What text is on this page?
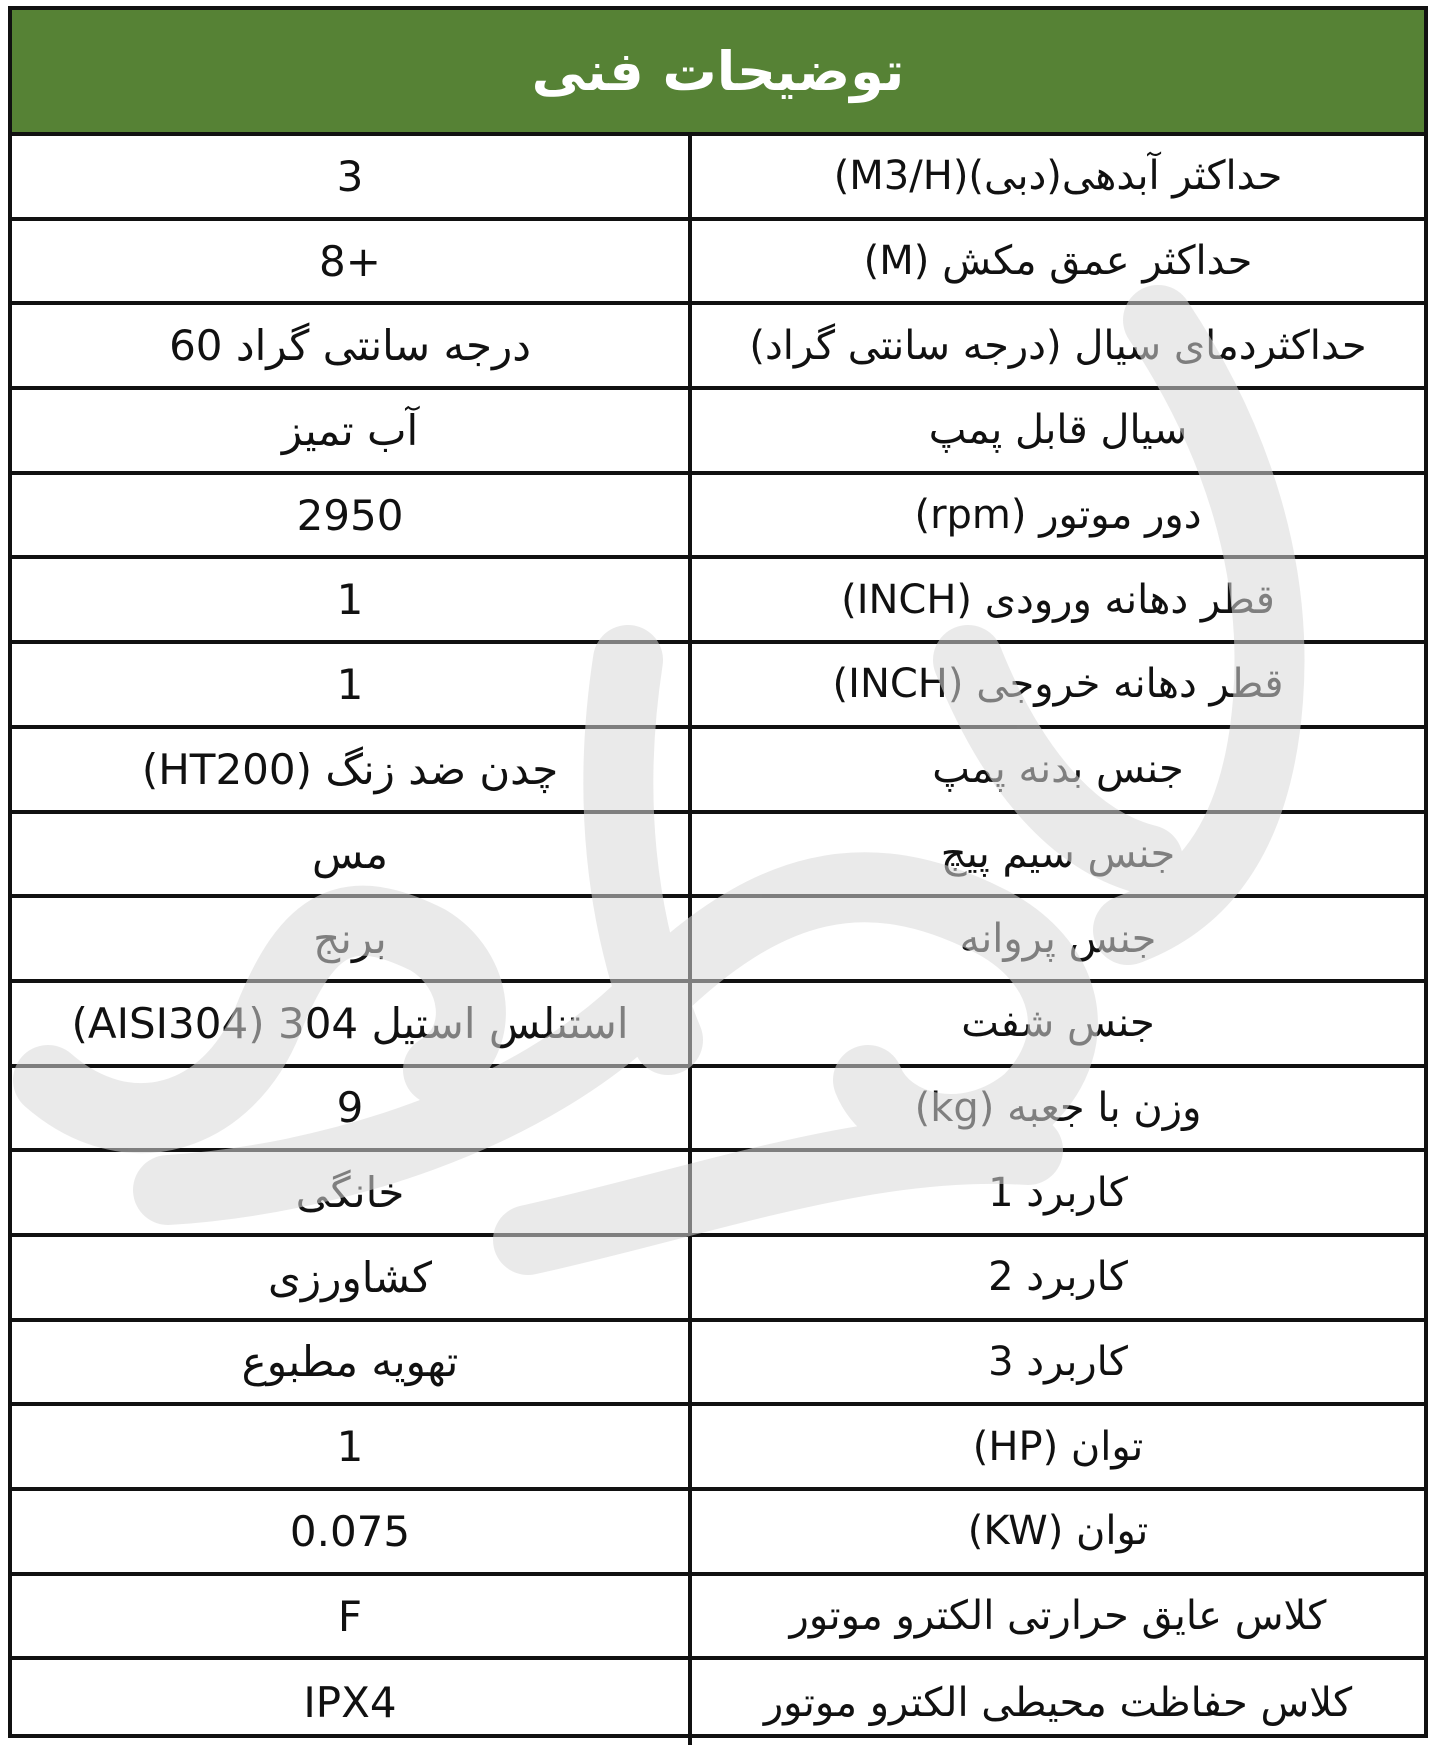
توضیحات فنی
حداکثر آبدهی(دبی)(M3/H)
3
حداکثر عمق مکش (M)
+8
حداکثردمای سیال (درجه سانتی گراد)
درجه سانتی گراد 60
سیال قابل پمپ
آب تمیز
دور موتور (rpm)
2950
قطر دهانه ورودی (INCH)
1
قطر دهانه خروجی (INCH)
1
جنس بدنه پمپ
چدن ضد زنگ (HT200)
جنس سیم پیچ
مس
جنس پروانه
برنج
جنس شفت
استنلس استیل 304 (AISI304)
وزن با جعبه (kg)
9
کاربرد 1
خانگی
کاربرد 2
کشاورزی
کاربرد 3
تهویه مطبوع
توان (HP)
1
توان (KW)
0.075
کلاس عایق حرارتی الکترو موتور
F
کلاس حفاظت محیطی الکترو موتور
IPX4
